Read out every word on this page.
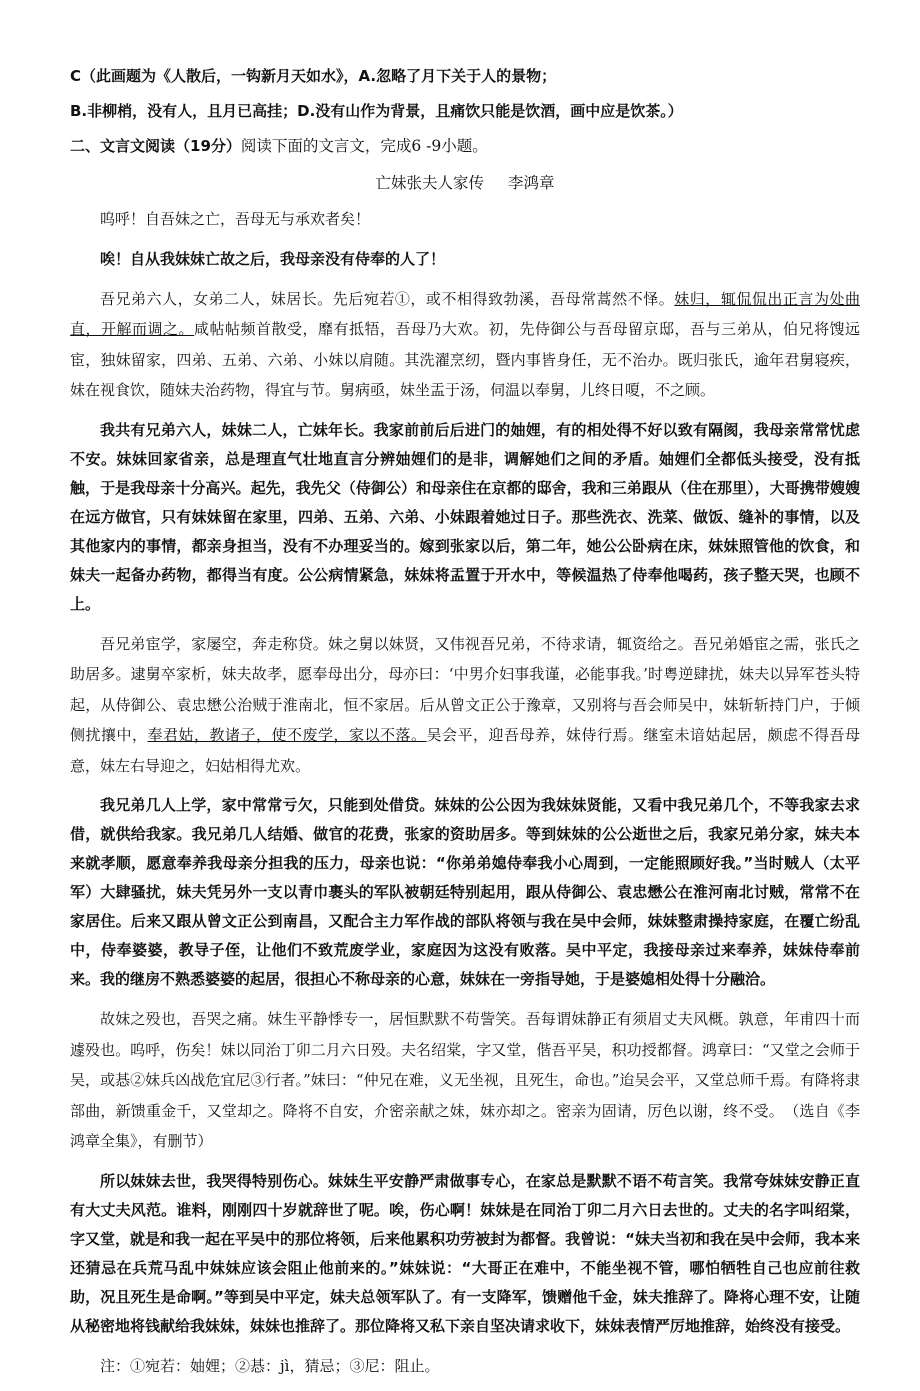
C（此画题为《人散后，一钩新月天如水》，A.忽略了月下关于人的景物；
B.非柳梢，没有人，且月已高挂；D.没有山作为背景，且痛饮只能是饮酒，画中应是饮茶。）
二、文言文阅读（19分）阅读下面的文言文，完成6 -9小题。
亡妹张夫人家传 李鸿章

呜呼！自吾妹之亡，吾母无与承欢者矣！

唉！自从我妹妹亡故之后，我母亲没有侍奉的人了！

吾兄弟六人，女弟二人，妹居长。先后宛若①，或不相得致勃溪，吾母常蒿然不怿。妹归，辄侃侃出正言为处曲直，开解而调之。咸帖帖频首散受，靡有抵牾，吾母乃大欢。初，先侍御公与吾母留京邸，吾与三弟从，伯兄将馊远宦，独妹留家，四弟、五弟、六弟、小妹以肩随。其洗濯烹纫，暨内事皆身任，无不治办。既归张氏，逾年君舅寝疾，妹在视食饮，随妹夫治药物，得宜与节。舅病亟，妹坐盂于汤，伺温以奉舅，儿终日嗄，不之顾。

我共有兄弟六人，妹妹二人，亡妹年长。我家前前后后进门的妯娌，有的相处得不好以致有隔阂，我母亲常常忧虑不安。妹妹回家省亲，总是理直气壮地直言分辨妯娌们的是非，调解她们之间的矛盾。妯娌们全都低头接受，没有抵触，于是我母亲十分高兴。起先，我先父（侍御公）和母亲住在京都的邸舍，我和三弟跟从（住在那里），大哥携带嫂嫂在远方做官，只有妹妹留在家里，四弟、五弟、六弟、小妹跟着她过日子。那些洗衣、洗菜、做饭、缝补的事情，以及其他家内的事情，都亲身担当，没有不办理妥当的。嫁到张家以后，第二年，她公公卧病在床，妹妹照管他的饮食，和妹夫一起备办药物，都得当有度。公公病情紧急，妹妹将盂置于开水中，等候温热了侍奉他喝药，孩子整天哭，也顾不上。

吾兄弟宦学，家屡空，奔走称贷。妹之舅以妹贤，又伟视吾兄弟，不待求请，辄资给之。吾兄弟婚宦之需，张氏之助居多。逮舅卒家析，妹夫故孝，愿奉母出分，母亦曰：‘中男介妇事我谨，必能事我。’时粤逆肆扰，妹夫以异军苍头特起，从侍御公、袁忠懋公治贼于淮南北，恒不家居。后从曾文正公于豫章，又别将与吾会师吴中，妹斩斩持门户，于倾侧扰攘中，奉君姑，教诸子，使不废学，家以不落。吴会平，迎吾母养，妹侍行焉。继室未谙姑起居，颇虑不得吾母意，妹左右导迎之，妇姑相得尤欢。

我兄弟几人上学，家中常常亏欠，只能到处借贷。妹妹的公公因为我妹妹贤能，又看中我兄弟几个，不等我家去求借，就供给我家。我兄弟几人结婚、做官的花费，张家的资助居多。等到妹妹的公公逝世之后，我家兄弟分家，妹夫本来就孝顺，愿意奉养我母亲分担我的压力，母亲也说：“你弟弟媳侍奉我小心周到，一定能照顾好我。”当时贼人（太平军）大肆骚扰，妹夫凭另外一支以青巾裹头的军队被朝廷特别起用，跟从侍御公、袁忠懋公在淮河南北讨贼，常常不在家居住。后来又跟从曾文正公到南昌，又配合主力军作战的部队将领与我在吴中会师，妹妹整肃操持家庭，在覆亡纷乱中，侍奉婆婆，教导子侄，让他们不致荒废学业，家庭因为这没有败落。吴中平定，我接母亲过来奉养，妹妹侍奉前来。我的继房不熟悉婆婆的起居，很担心不称母亲的心意，妹妹在一旁指导她，于是婆媳相处得十分融洽。

故妹之殁也，吾哭之痛。妹生平静悸专一，居恒默默不苟訾笑。吾每谓妹静正有须眉丈夫风概。孰意，年甫四十而遽殁也。呜呼，伤矣！妹以同治丁卯二月六日殁。夫名绍棠，字又堂，偕吾平吴，积功授都督。鸿章曰：“又堂之会师于吴，或惎②妹兵凶战危宜尼③行者。”妹曰：“仲兄在难，义无坐视，且死生，命也。”迨吴会平，又堂总师千焉。有降将隶部曲，新馈重金千，又堂却之。降将不自安，介密亲献之妹，妹亦却之。密亲为固请，厉色以谢，终不受。　 （选自《李鸿章全集》，有删节）

所以妹妹去世，我哭得特别伤心。妹妹生平安静严肃做事专心，在家总是默默不语不苟言笑。我常夸妹妹安静正直有大丈夫风范。谁料，刚刚四十岁就辞世了呢。唉，伤心啊！妹妹是在同治丁卯二月六日去世的。丈夫的名字叫绍棠，字又堂，就是和我一起在平吴中的那位将领，后来他累积功劳被封为都督。我曾说：“妹夫当初和我在吴中会师，我本来还猜忌在兵荒马乱中妹妹应该会阻止他前来的。”妹妹说：“大哥正在难中，不能坐视不管，哪怕牺牲自己也应前往救助，况且死生是命啊。”等到吴中平定，妹夫总领军队了。有一支降军，馈赠他千金，妹夫推辞了。降将心理不安，让随从秘密地将钱献给我妹妹，妹妹也推辞了。那位降将又私下亲自坚决请求收下，妹妹表情严厉地推辞，始终没有接受。

注：①宛若：妯娌；②惎：jì，猜忌；③尼：阻止。
